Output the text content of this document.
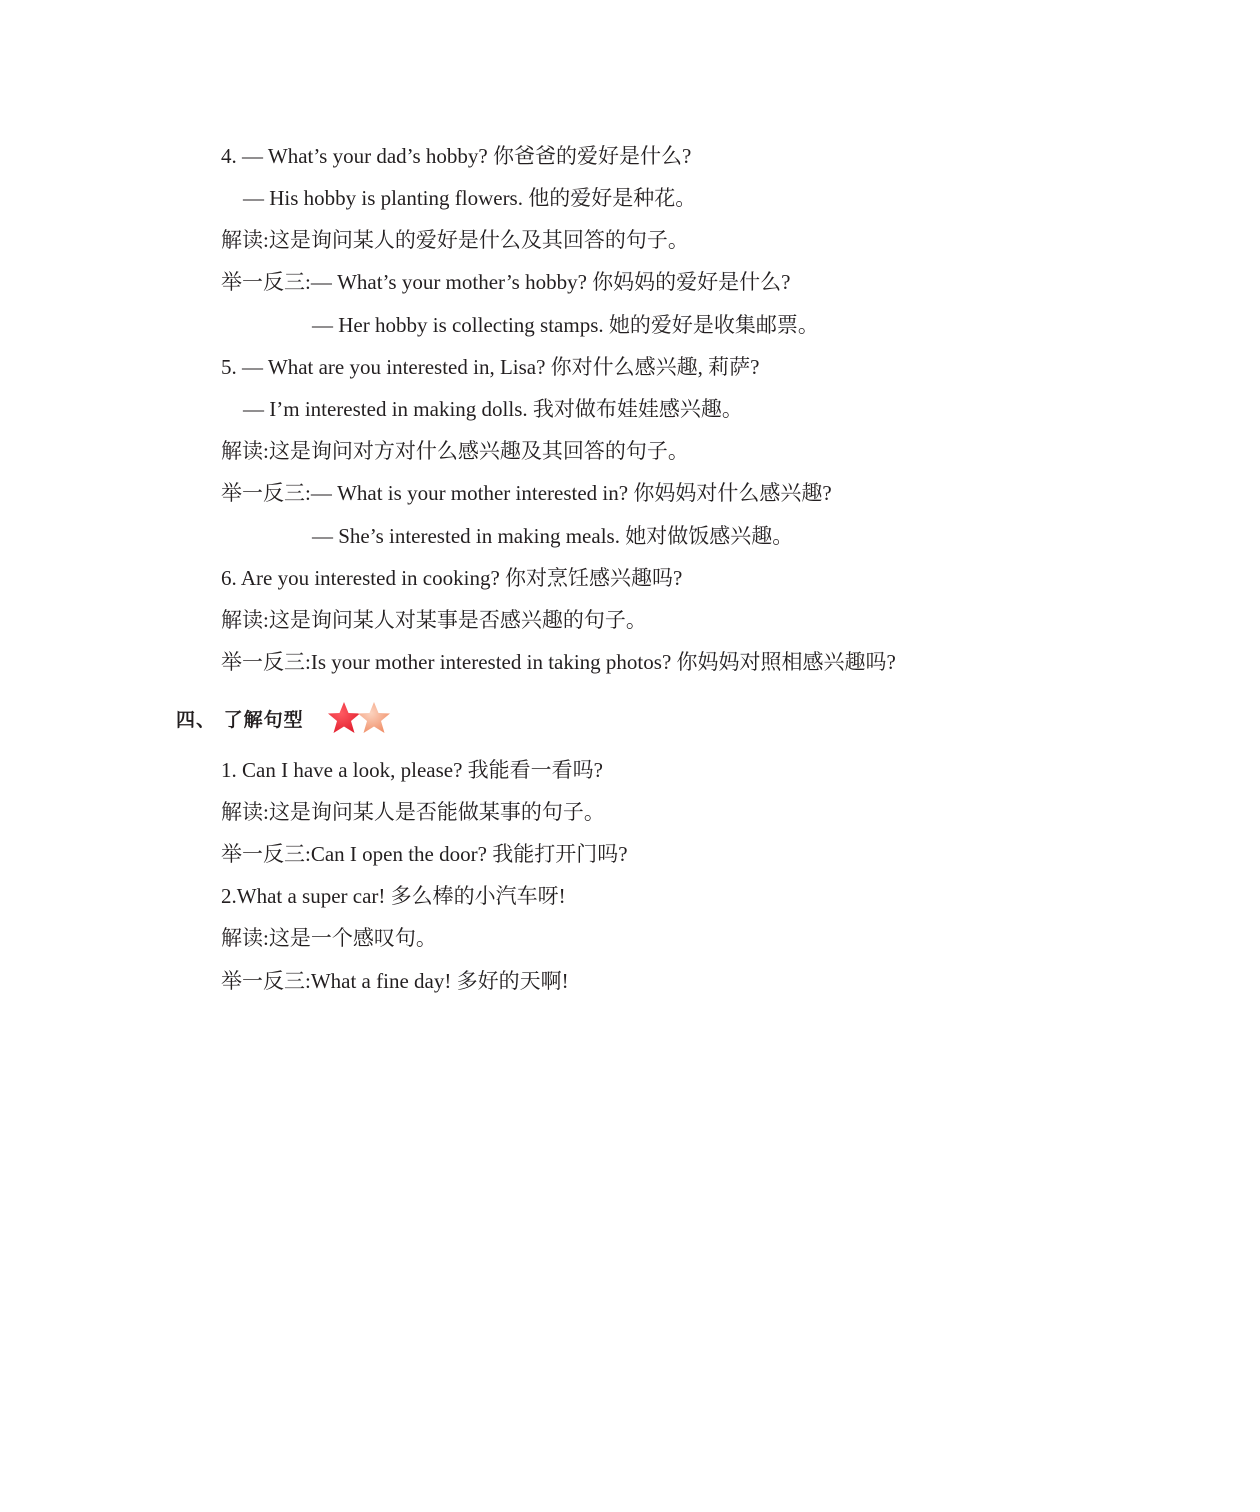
4. — What’s your dad’s hobby? 你爸爸的爱好是什么?
— His hobby is planting flowers. 他的爱好是种花。
解读:这是询问某人的爱好是什么及其回答的句子。
举一反三:— What’s your mother’s hobby? 你妈妈的爱好是什么?
— Her hobby is collecting stamps. 她的爱好是收集邮票。
5. — What are you interested in, Lisa? 你对什么感兴趣, 莉萨?
— I’m interested in making dolls. 我对做布娃娃感兴趣。
解读:这是询问对方对什么感兴趣及其回答的句子。
举一反三:— What is your mother interested in? 你妈妈对什么感兴趣?
— She’s interested in making meals. 她对做饭感兴趣。
6. Are you interested in cooking? 你对烹饪感兴趣吗?
解读:这是询问某人对某事是否感兴趣的句子。
举一反三:Is your mother interested in taking photos? 你妈妈对照相感兴趣吗?
四、 了解句型
1. Can I have a look, please? 我能看一看吗?
解读:这是询问某人是否能做某事的句子。
举一反三:Can I open the door? 我能打开门吗?
2.What a super car! 多么棒的小汽车呀!
解读:这是一个感叹句。
举一反三:What a fine day! 多好的天啊!
